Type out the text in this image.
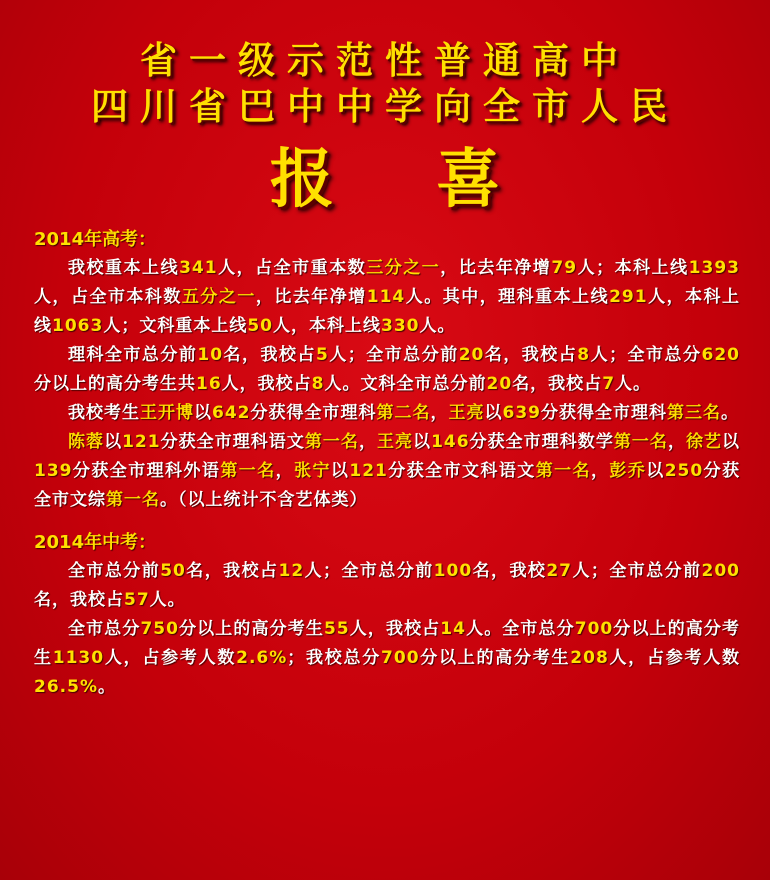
省一级示范性普通高中
四川省巴中中学向全市人民
报 喜
2014年高考：

我校重本上线341人，占全市重本数三分之一，比去年净增79人；本科上线1393人，占全市本科数五分之一，比去年净增114人。其中，理科重本上线291人，本科上线1063人；文科重本上线50人，本科上线330人。

理科全市总分前10名，我校占5人；全市总分前20名，我校占8人；全市总分620分以上的高分考生共16人，我校占8人。文科全市总分前20名，我校占7人。

我校考生王开博以642分获得全市理科第二名，王亮以639分获得全市理科第三名。

陈蓉以121分获全市理科语文第一名，王亮以146分获全市理科数学第一名，徐艺以139分获全市理科外语第一名，张宁以121分获全市文科语文第一名，彭乔以250分获全市文综第一名。（以上统计不含艺体类）

2014年中考：

全市总分前50名，我校占12人；全市总分前100名，我校27人；全市总分前200名，我校占57人。

全市总分750分以上的高分考生55人，我校占14人。全市总分700分以上的高分考生1130人，占参考人数2.6%；我校总分700分以上的高分考生208人，占参考人数26.5%。
